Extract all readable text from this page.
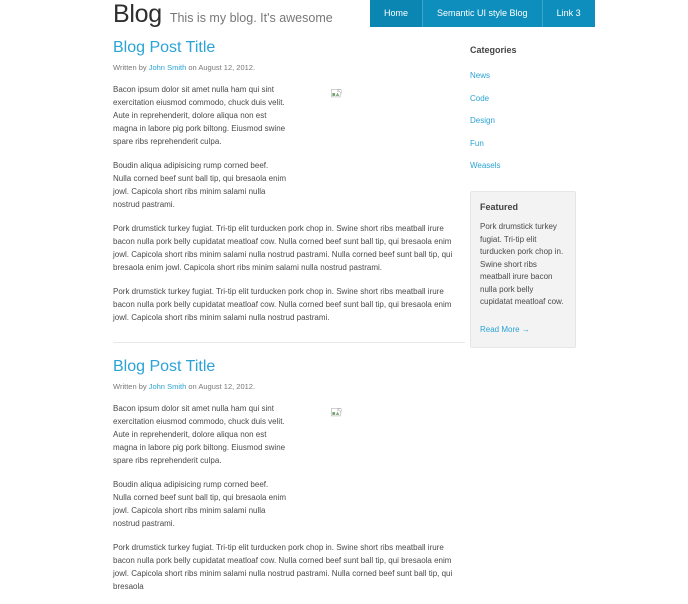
Blog This is my blog. It's awesome	Home	Semantic UI style Blog	Link 3
Blog Post Title

Written by John Smith on August 12, 2012.

Bacon ipsum dolor sit amet nulla ham qui sint exercitation eiusmod commodo, chuck duis velit. Aute in reprehenderit, dolore aliqua non est magna in labore pig pork biltong. Eiusmod swine spare ribs reprehenderit culpa.

Boudin aliqua adipisicing rump corned beef. Nulla corned beef sunt ball tip, qui bresaola enim jowl. Capicola short ribs minim salami nulla nostrud pastrami.

Pork drumstick turkey fugiat. Tri-tip elit turducken pork chop in. Swine short ribs meatball irure bacon nulla pork belly cupidatat meatloaf cow. Nulla corned beef sunt ball tip, qui bresaola enim jowl. Capicola short ribs minim salami nulla nostrud pastrami. Nulla corned beef sunt ball tip, qui bresaola enim jowl. Capicola short ribs minim salami nulla nostrud pastrami.

Pork drumstick turkey fugiat. Tri-tip elit turducken pork chop in. Swine short ribs meatball irure bacon nulla pork belly cupidatat meatloaf cow. Nulla corned beef sunt ball tip, qui bresaola enim jowl. Capicola short ribs minim salami nulla nostrud pastrami.

Blog Post Title

Written by John Smith on August 12, 2012.

Bacon ipsum dolor sit amet nulla ham qui sint exercitation eiusmod commodo, chuck duis velit. Aute in reprehenderit, dolore aliqua non est magna in labore pig pork biltong. Eiusmod swine spare ribs reprehenderit culpa.

Boudin aliqua adipisicing rump corned beef. Nulla corned beef sunt ball tip, qui bresaola enim jowl. Capicola short ribs minim salami nulla nostrud pastrami.

Pork drumstick turkey fugiat. Tri-tip elit turducken pork chop in. Swine short ribs meatball irure bacon nulla pork belly cupidatat meatloaf cow. Nulla corned beef sunt ball tip, qui bresaola enim jowl. Capicola short ribs minim salami nulla nostrud pastrami. Nulla corned beef sunt ball tip, qui bresaola

Categories
News
Code
Design
Fun
Weasels
Featured

Pork drumstick turkey fugiat. Tri-tip elit turducken pork chop in. Swine short ribs meatball irure bacon nulla pork belly cupidatat meatloaf cow.

Read More →
